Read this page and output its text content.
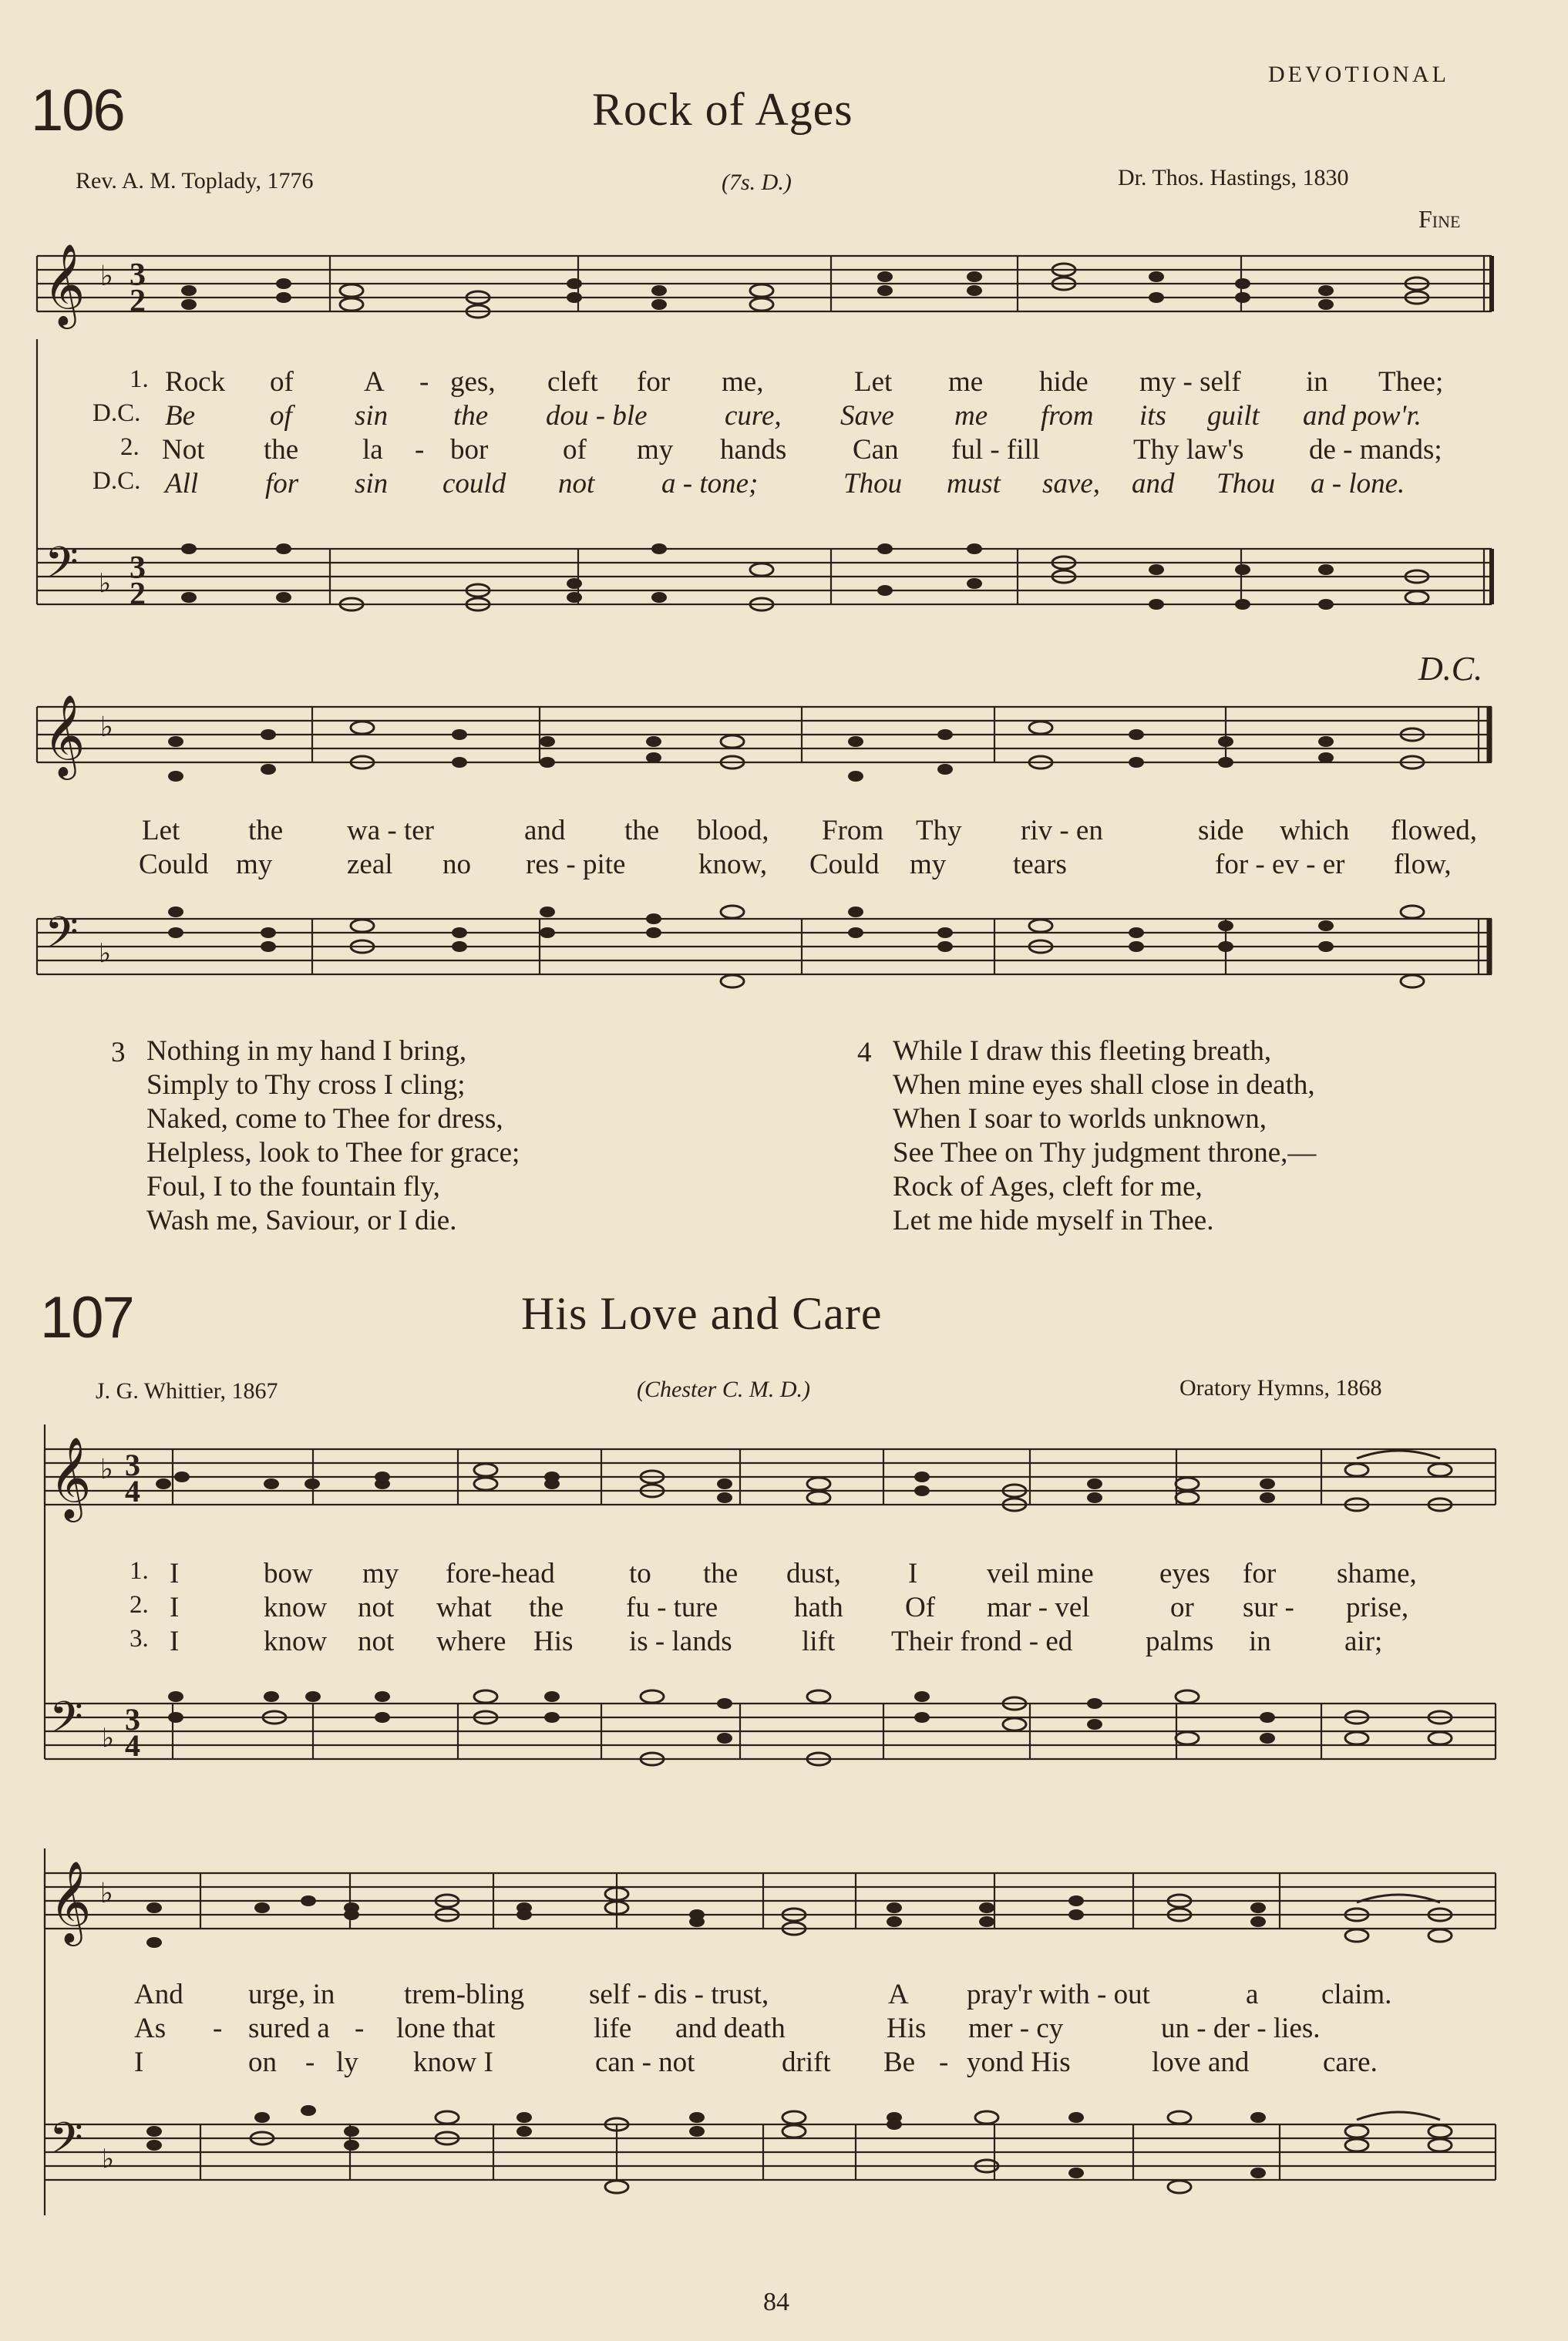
DEVOTIONAL
106	Rock of Ages
Rev. A. M. Toplady, 1776	(7s. D.)	Dr. Thos. Hastings, 1830
Fine
D.C.
𝄞 ♭ 3
2
1. Rock of A - ges, cleft for me,	Let me hide my - self in Thee;
D.C. Be	of sin the dou - ble	cure, Save me from its guilt and pow'r.
2. Not the la - bor	of my hands Can ful - fill	Thy law's de - mands;
D.C. All for sin could not a - tone;	Thou must save, and Thou a - lone.
𝄢 ♭ 3
2
𝄞 ♭
Let the wa - ter	and the blood, From Thy riv - en	side which flowed,
Could my	zeal no res - pite	know, Could my tears	for - ev - er flow,
𝄢 ♭
3 Nothing in my hand I bring,
Simply to Thy cross I cling;
Naked, come to Thee for dress,
Helpless, look to Thee for grace;
Foul, I to the fountain fly,
Wash me, Saviour, or I die.
4 While I draw this fleeting breath,
When mine eyes shall close in death,
When I soar to worlds unknown,
See Thee on Thy judgment throne,—
Rock of Ages, cleft for me,
Let me hide myself in Thee.
107	His Love and Care
J. G. Whittier, 1867	(Chester C. M. D.)	Oratory Hymns, 1868
𝄞 ♭ 3
4
1. I	bow my fore-head	to the dust, I veil mine eyes for shame,
2. I	know not what the fu - ture	hath Of mar - vel	or sur - prise,
3. I	know not where His is - lands lift Their frond - ed	palms in	air;
𝄢 ♭
3
4
𝄞 ♭
And urge, in trem-bling self - dis - trust,	A pray'r with - out	a claim.
As - sured a - lone that	life and death	His mer - cy	un - der - lies.
I	on - ly know I	can - not	drift Be - yond His	love and	care.
𝄢 ♭
84
